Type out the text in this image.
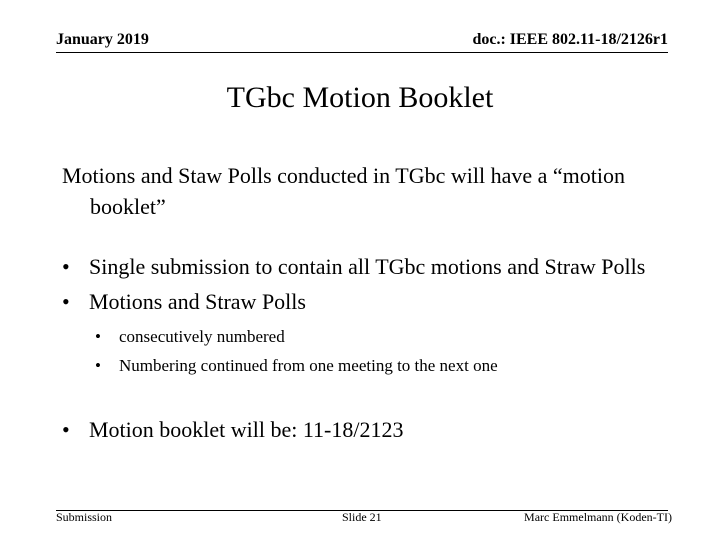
January 2019	doc.: IEEE 802.11-18/2126r1
TGbc Motion Booklet

Motions and Staw Polls conducted in TGbc will have a “motion booklet”

• Single submission to contain all TGbc motions and Straw Polls
• Motions and Straw Polls
• consecutively numbered
• Numbering continued from one meeting to the next one
• Motion booklet will be: 11-18/2123
Submission	Slide 21	Marc Emmelmann (Koden-TI)
